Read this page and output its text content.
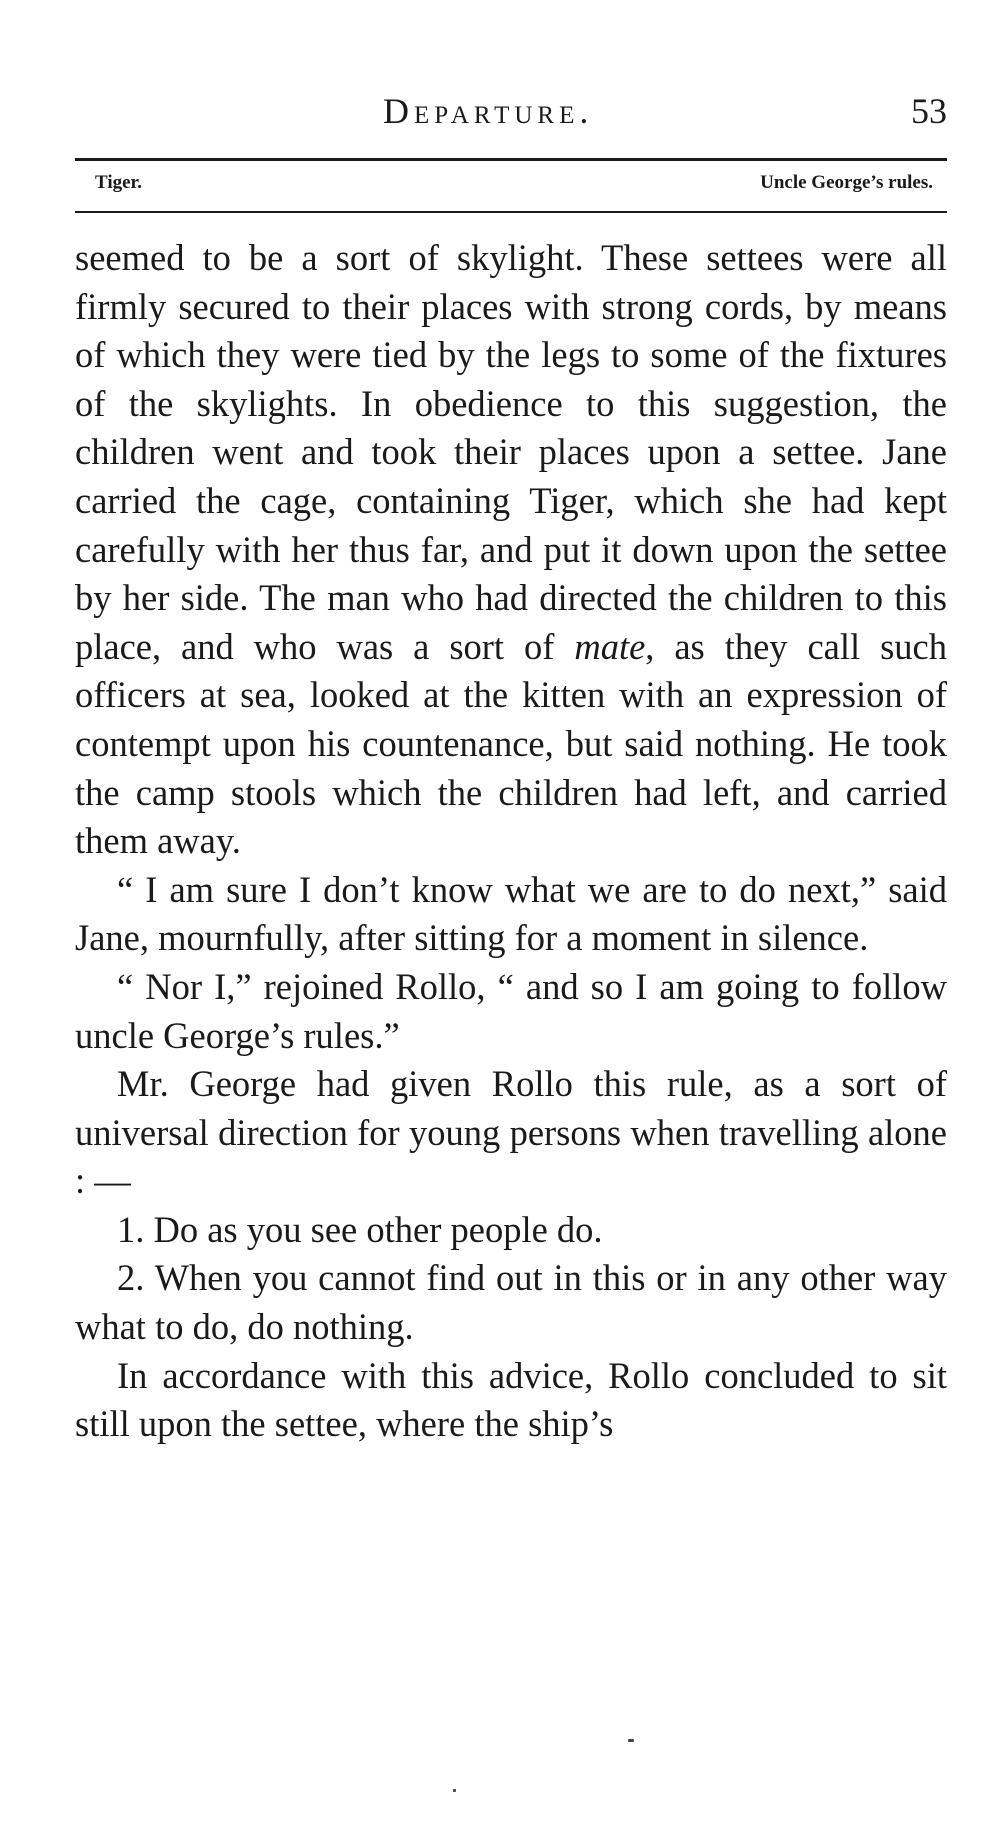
Departure.	53
Tiger.	Uncle George’s rules.

seemed to be a sort of skylight. These settees were all firmly secured to their places with strong cords, by means of which they were tied by the legs to some of the fixtures of the skylights. In obedience to this suggestion, the children went and took their places upon a settee. Jane carried the cage, containing Tiger, which she had kept carefully with her thus far, and put it down upon the settee by her side. The man who had directed the children to this place, and who was a sort of mate, as they call such officers at sea, looked at the kitten with an expression of contempt upon his countenance, but said nothing. He took the camp stools which the children had left, and carried them away.

“ I am sure I don’t know what we are to do next,” said Jane, mournfully, after sitting for a moment in silence.

“ Nor I,” rejoined Rollo, “ and so I am going to follow uncle George’s rules.”

Mr. George had given Rollo this rule, as a sort of universal direction for young persons when travelling alone : —

1. Do as you see other people do.

2. When you cannot find out in this or in any other way what to do, do nothing.

In accordance with this advice, Rollo concluded to sit still upon the settee, where the ship’s
